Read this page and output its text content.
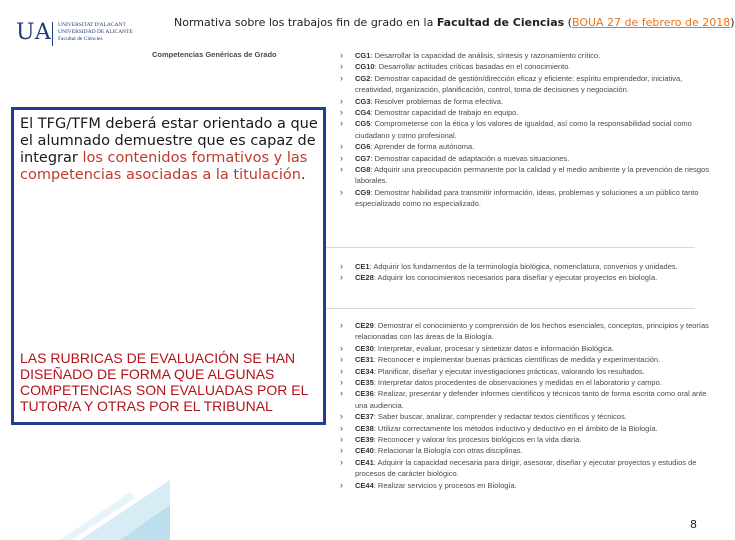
UA UNIVERSITAT D'ALACANT
UNIVERSIDAD DE ALICANTE
Facultat de Ciències
Normativa sobre los trabajos fin de grado en la Facultad de Ciencias (BOUA 27 de febrero de 2018)
Competencias Genéricas de Grado	› CG1: Desarrollar la capacidad de análisis, síntesis y razonamiento crítico.
› CG10: Desarrollar actitudes críticas basadas en el conocimiento.
› CG2: Demostrar capacidad de gestión/dirección eficaz y eficiente: espíritu emprendedor, iniciativa, creatividad, organización, planificación, control, toma de decisiones y negociación.
› CG3: Resolver problemas de forma efectiva.
› CG4: Demostrar capacidad de trabajo en equipo.
› CG5: Comprometerse con la ética y los valores de igualdad, así como la responsabilidad social como ciudadano y como profesional.
› CG6: Aprender de forma autónoma.
› CG7: Demostrar capacidad de adaptación a nuevas situaciones.
› CG8: Adquirir una preocupación permanente por la calidad y el medio ambiente y la prevención de riesgos laborales.
› CG9: Demostrar habilidad para transmitir información, ideas, problemas y soluciones a un público tanto especializado como no especializado.
› CE1: Adquirir los fundamentos de la terminología biológica, nomenclatura, convenios y unidades.
› CE28: Adquirir los conocimientos necesarios para diseñar y ejecutar proyectos en biología.
› CE29: Demostrar el conocimiento y comprensión de los hechos esenciales, conceptos, principios y teorías relacionadas con las áreas de la Biología.
› CE30: Interpretar, evaluar, procesar y sintetizar datos e información Biológica.
› CE31: Reconocer e implementar buenas prácticas científicas de medida y experimentación.
› CE34: Planificar, diseñar y ejecutar investigaciones prácticas, valorando los resultados.
› CE35: Interpretar datos procedentes de observaciones y medidas en el laboratorio y campo.
› CE36: Realizar, presentar y defender informes científicos y técnicos tanto de forma escrita como oral ante una audiencia.
› CE37: Saber buscar, analizar, comprender y redactar textos científicos y técnicos.
› CE38: Utilizar correctamente los métodos inductivo y deductivo en el ámbito de la Biología.
› CE39: Reconocer y valorar los procesos biológicos en la vida diaria.
› CE40: Relacionar la Biología con otras disciplinas.
› CE41: Adquirir la capacidad necesaria para dirigir, asesorar, diseñar y ejecutar proyectos y estudios de procesos de carácter biológico.
› CE44: Realizar servicios y procesos en Biología.
El TFG/TFM deberá estar orientado a que el alumnado demuestre que es capaz de integrar los contenidos formativos y las competencias asociadas a la titulación.
LAS RUBRICAS DE EVALUACIÓN SE HAN DISEÑADO DE FORMA QUE ALGUNAS COMPETENCIAS SON EVALUADAS POR EL TUTOR/A Y OTRAS POR EL TRIBUNAL
8
